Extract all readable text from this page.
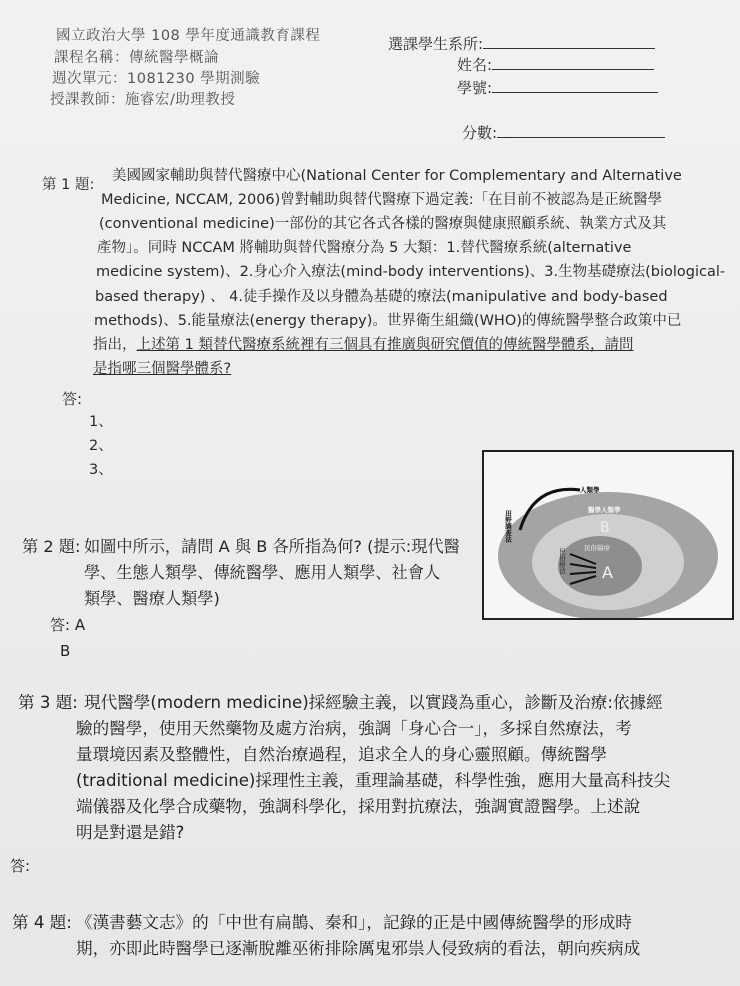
國立政治大學 108 學年度通識教育課程
課程名稱：傳統醫學概論
週次單元：1081230 學期測驗
授課教師：施睿宏/助理教授
選課學生系所:
姓名:
學號:
分數:
第 1 題:
美國國家輔助與替代醫療中心(National Center for Complementary and Alternative
Medicine, NCCAM, 2006)曾對輔助與替代醫療下過定義:「在目前不被認為是正統醫學
(conventional medicine)一部份的其它各式各樣的醫療與健康照顧系統、執業方式及其
產物」。同時 NCCAM 將輔助與替代醫療分為 5 大類：1.替代醫療系統(alternative
medicine system)、2.身心介入療法(mind-body interventions)、3.生物基礎療法(biological-
based therapy) 、 4.徒手操作及以身體為基礎的療法(manipulative and body-based
methods)、5.能量療法(energy therapy)。世界衛生組織(WHO)的傳統醫學整合政策中已
指出，上述第 1 類替代醫療系統裡有三個具有推廣與研究價值的傳統醫學體系，請問
是指哪三個醫學體系?
答:
1、
2、
3、
第 2 題: 如圖中所示，請問 A 與 B 各所指為何? (提示:現代醫
學、生態人類學、傳統醫學、應用人類學、社會人
類學、醫療人類學)
答: A
B
人類學
醫學人類學
B
民俗醫療
A
田野調查法
民俗療法
第 3 題: 現代醫學(modern medicine)採經驗主義，以實踐為重心，診斷及治療:依據經
驗的醫學，使用天然藥物及處方治病，強調「身心合一」，多採自然療法，考
量環境因素及整體性，自然治療過程，追求全人的身心靈照顧。傳統醫學
(traditional medicine)採理性主義，重理論基礎，科學性強，應用大量高科技尖
端儀器及化學合成藥物，強調科學化，採用對抗療法，強調實證醫學。上述說
明是對還是錯?
答:
第 4 題: 《漢書藝文志》的「中世有扁鵲、秦和」，記錄的正是中國傳統醫學的形成時
期，亦即此時醫學已逐漸脫離巫術排除厲鬼邪祟人侵致病的看法，朝向疾病成
